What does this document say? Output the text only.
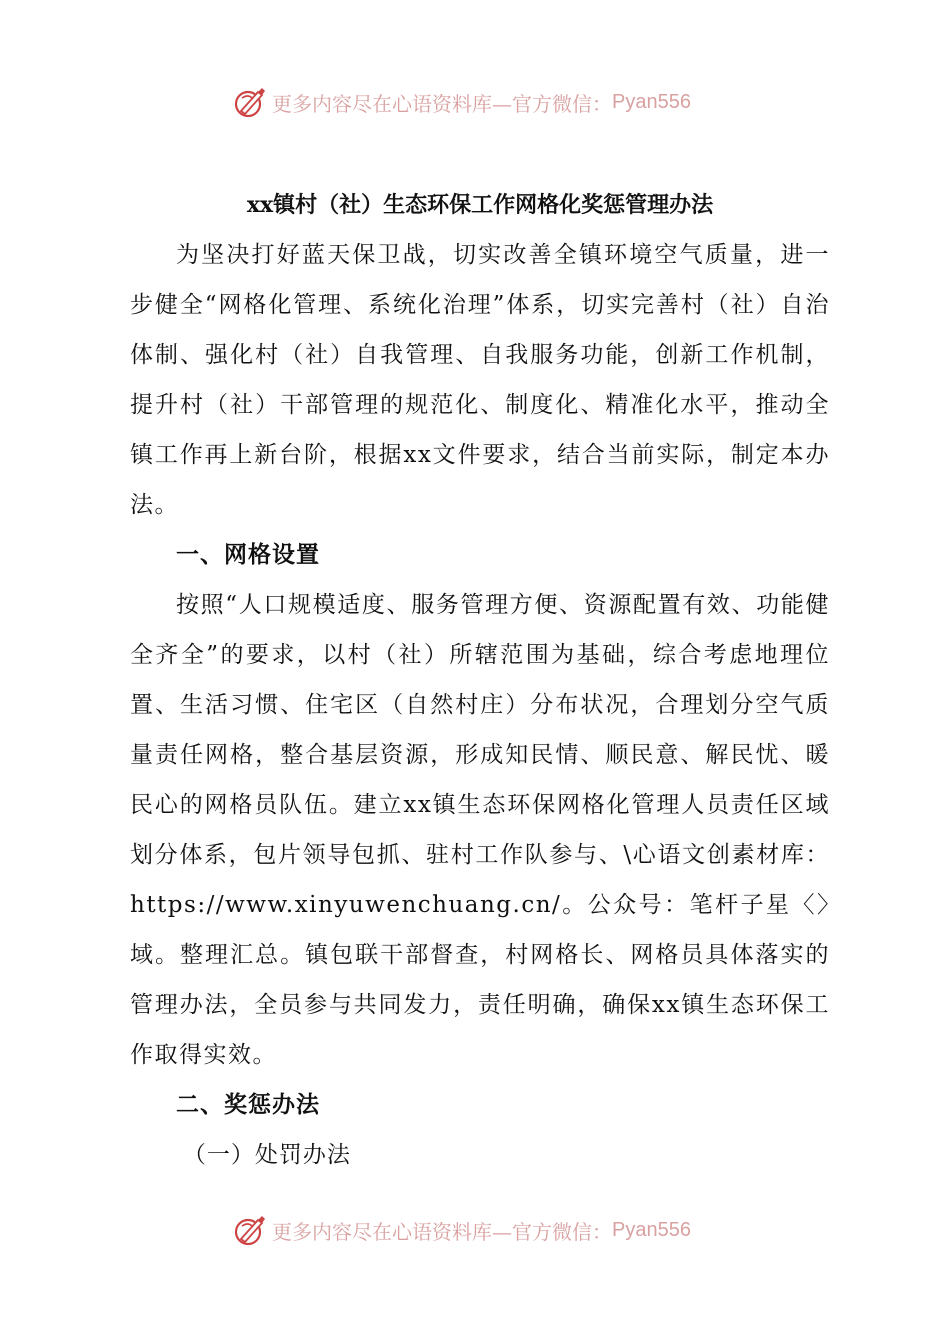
更多内容尽在心语资料库—官方微信： Pyan556

xx镇村（社）生态环保工作网格化奖惩管理办法

为坚决打好蓝天保卫战，切实改善全镇环境空气质量，进一步健全“网格化管理、系统化治理”体系，切实完善村（社）自治体制、强化村（社）自我管理、自我服务功能，创新工作机制，提升村（社）干部管理的规范化、制度化、精准化水平，推动全镇工作再上新台阶，根据xx文件要求，结合当前实际，制定本办法。

一、网格设置

按照“人口规模适度、服务管理方便、资源配置有效、功能健全齐全”的要求，以村（社）所辖范围为基础，综合考虑地理位置、生活习惯、住宅区（自然村庄）分布状况，合理划分空气质量责任网格，整合基层资源，形成知民情、顺民意、解民忧、暖民心的网格员队伍。建立xx镇生态环保网格化管理人员责任区域划分体系，包片领导包抓、驻村工作队参与、\心语文创素材库：https://www.xinyuwenchuang.cn/。公众号：笔杆子星〈〉域。整理汇总。镇包联干部督查，村网格长、网格员具体落实的管理办法，全员参与共同发力，责任明确，确保xx镇生态环保工作取得实效。

二、奖惩办法

（一）处罚办法

更多内容尽在心语资料库—官方微信： Pyan556
